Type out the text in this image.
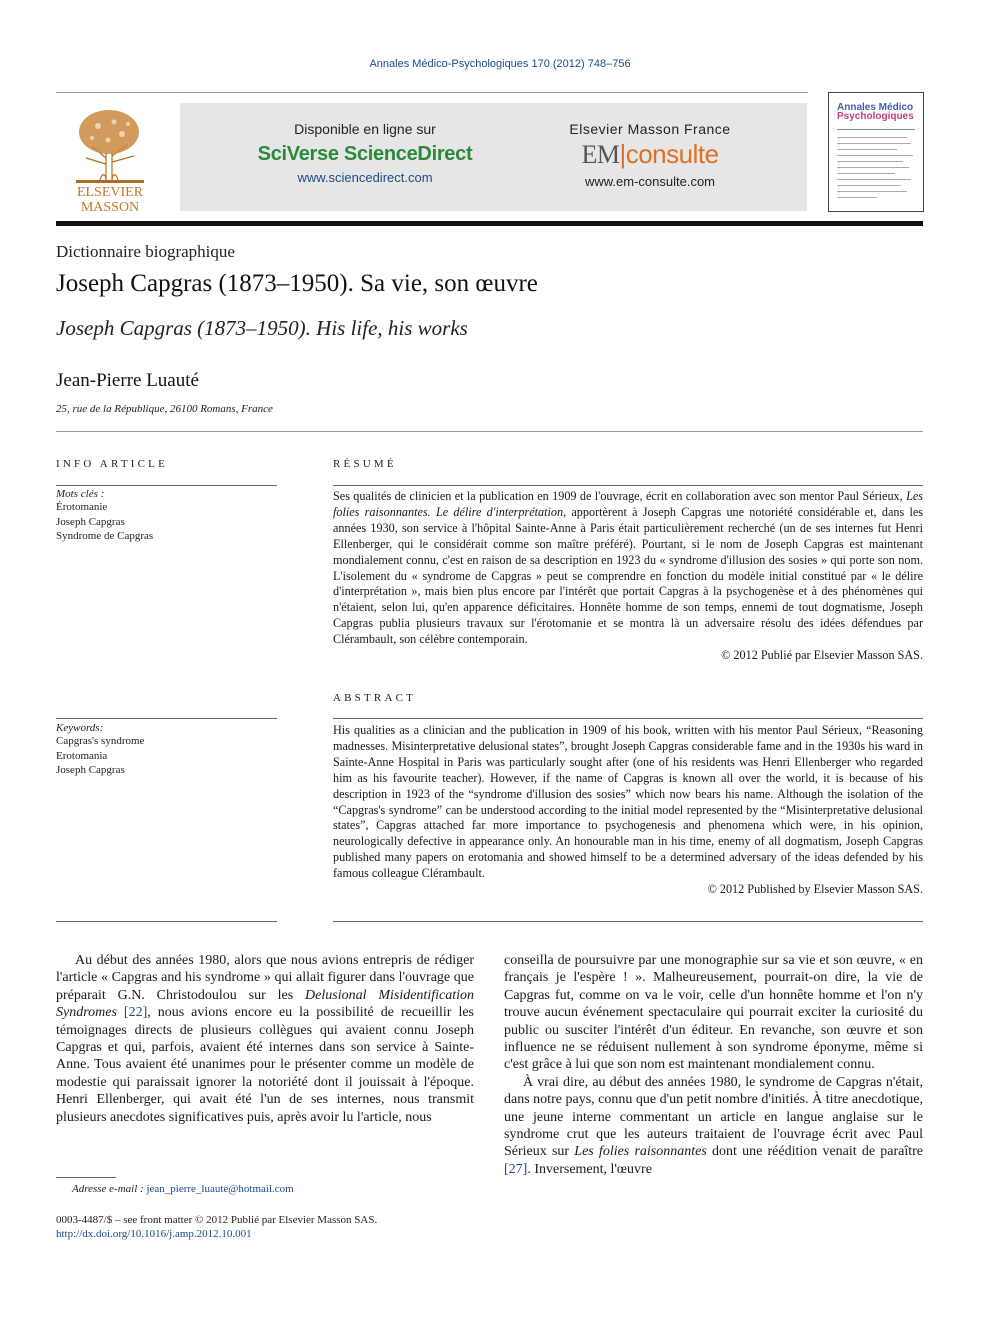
Annales Médico-Psychologiques 170 (2012) 748–756
ELSEVIER
MASSON
Disponible en ligne sur
SciVerse ScienceDirect
www.sciencedirect.com
Elsevier Masson France
EM|consulte
www.em-consulte.com
Annales Médico
Psychologiques
Dictionnaire biographique
Joseph Capgras (1873–1950). Sa vie, son œuvre
Joseph Capgras (1873–1950). His life, his works
Jean-Pierre Luauté
25, rue de la République, 26100 Romans, France
INFO ARTICLE
Mots clés :
Érotomanie
Joseph Capgras
Syndrome de Capgras
Keywords:
Capgras's syndrome
Erotomania
Joseph Capgras
RÉSUMÉ
Ses qualités de clinicien et la publication en 1909 de l'ouvrage, écrit en collaboration avec son mentor Paul Sérieux, Les folies raisonnantes. Le délire d'interprétation, apportèrent à Joseph Capgras une notoriété considérable et, dans les années 1930, son service à l'hôpital Sainte-Anne à Paris était particulièrement recherché (un de ses internes fut Henri Ellenberger, qui le considérait comme son maître préféré). Pourtant, si le nom de Joseph Capgras est maintenant mondialement connu, c'est en raison de sa description en 1923 du « syndrome d'illusion des sosies » qui porte son nom. L'isolement du « syndrome de Capgras » peut se comprendre en fonction du modèle initial constitué par « le délire d'interprétation », mais bien plus encore par l'intérêt que portait Capgras à la psychogenèse et à des phénomènes qui n'étaient, selon lui, qu'en apparence déficitaires. Honnête homme de son temps, ennemi de tout dogmatisme, Joseph Capgras publia plusieurs travaux sur l'érotomanie et se montra là un adversaire résolu des idées défendues par Clérambault, son célèbre contemporain.
© 2012 Publié par Elsevier Masson SAS.
ABSTRACT
His qualities as a clinician and the publication in 1909 of his book, written with his mentor Paul Sérieux, “Reasoning madnesses. Misinterpretative delusional states”, brought Joseph Capgras considerable fame and in the 1930s his ward in Sainte-Anne Hospital in Paris was particularly sought after (one of his residents was Henri Ellenberger who regarded him as his favourite teacher). However, if the name of Capgras is known all over the world, it is because of his description in 1923 of the “syndrome d'illusion des sosies” which now bears his name. Although the isolation of the “Capgras's syndrome” can be understood according to the initial model represented by the “Misinterpretative delusional states”, Capgras attached far more importance to psychogenesis and phenomena which were, in his opinion, neurologically defective in appearance only. An honourable man in his time, enemy of all dogmatism, Joseph Capgras published many papers on erotomania and showed himself to be a determined adversary of the ideas defended by his famous colleague Clérambault.
© 2012 Published by Elsevier Masson SAS.

Au début des années 1980, alors que nous avions entrepris de rédiger l'article « Capgras and his syndrome » qui allait figurer dans l'ouvrage que préparait G.N. Christodoulou sur les Delusional Misidentification Syndromes [22], nous avions encore eu la possibilité de recueillir les témoignages directs de plusieurs collègues qui avaient connu Joseph Capgras et qui, parfois, avaient été internes dans son service à Sainte-Anne. Tous avaient été unanimes pour le présenter comme un modèle de modestie qui paraissait ignorer la notoriété dont il jouissait à l'époque. Henri Ellenberger, qui avait été l'un de ses internes, nous transmit plusieurs anecdotes significatives puis, après avoir lu l'article, nous

conseilla de poursuivre par une monographie sur sa vie et son œuvre, « en français je l'espère ! ». Malheureusement, pourrait-on dire, la vie de Capgras fut, comme on va le voir, celle d'un honnête homme et l'on n'y trouve aucun événement spectaculaire qui pourrait exciter la curiosité du public ou susciter l'intérêt d'un éditeur. En revanche, son œuvre et son influence ne se réduisent nullement à son syndrome éponyme, même si c'est grâce à lui que son nom est maintenant mondialement connu.

À vrai dire, au début des années 1980, le syndrome de Capgras n'était, dans notre pays, connu que d'un petit nombre d'initiés. À titre anecdotique, une jeune interne commentant un article en langue anglaise sur le syndrome crut que les auteurs traitaient de l'ouvrage écrit avec Paul Sérieux sur Les folies raisonnantes dont une réédition venait de paraître [27]. Inversement, l'œuvre

Adresse e-mail : jean_pierre_luaute@hotmail.com
0003-4487/$ – see front matter © 2012 Publié par Elsevier Masson SAS.
http://dx.doi.org/10.1016/j.amp.2012.10.001
